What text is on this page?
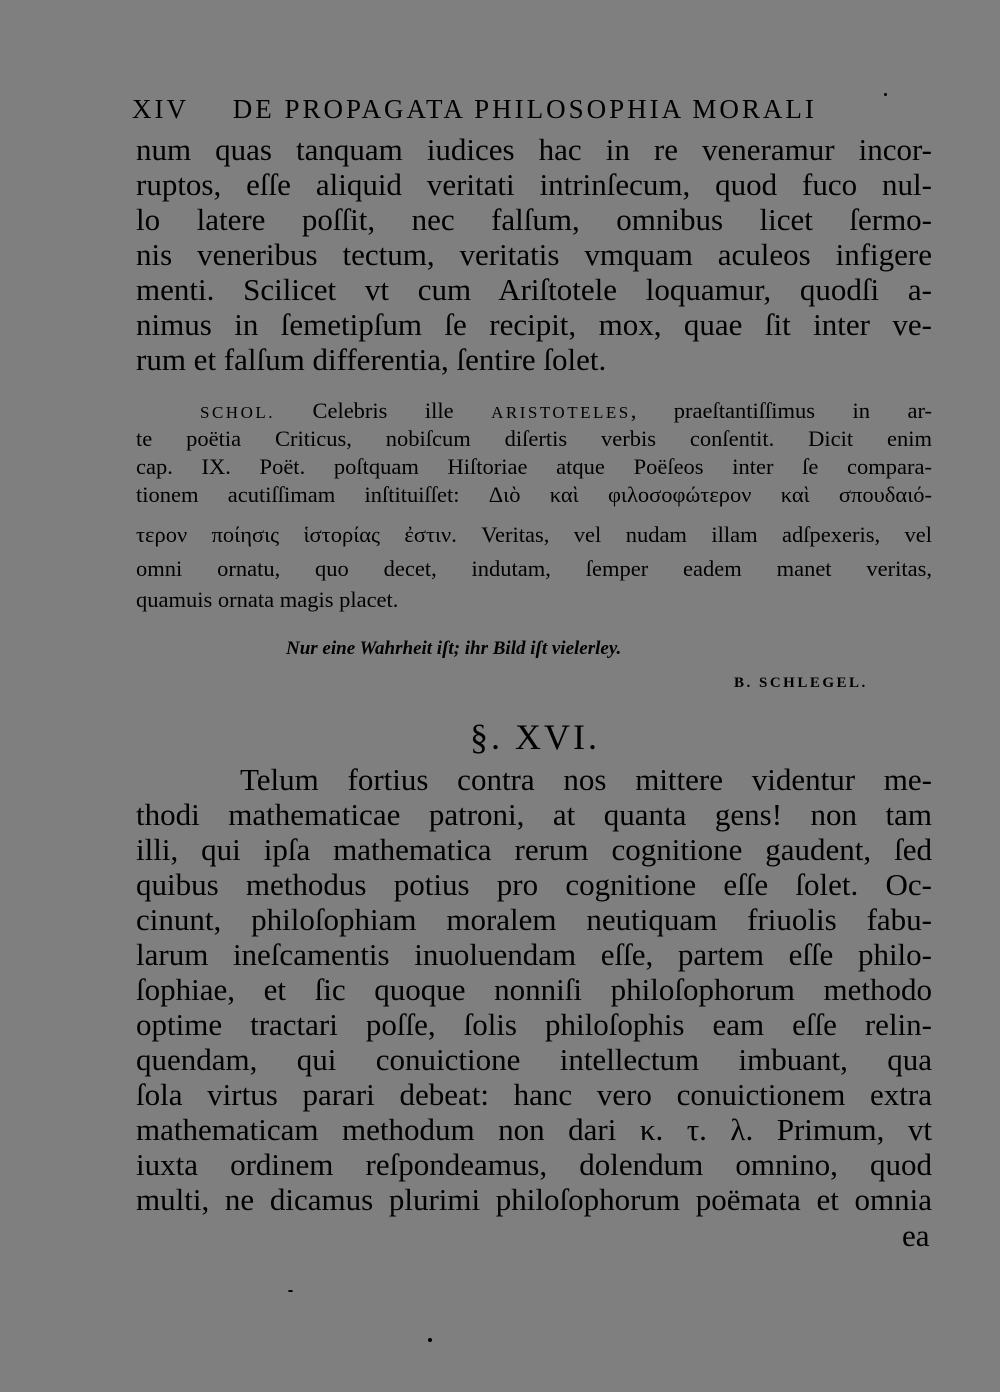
XIV DE PROPAGATA PHILOSOPHIA MORALI

num quas tanquam iudices hac in re veneramur incor-

ruptos, eſſe aliquid veritati intrinſecum, quod fuco nul-

lo latere poſſit, nec falſum, omnibus licet ſermo-

nis veneribus tectum, veritatis vmquam aculeos infigere

menti. Scilicet vt cum Ariſtotele loquamur, quodſi a-

nimus in ſemetipſum ſe recipit, mox, quae ſit inter ve-

rum et falſum differentia, ſentire ſolet.

SCHOL. Celebris ille ARISTOTELES, praeſtantiſſimus in ar-

te poëtia Criticus, nobiſcum diſertis verbis conſentit. Dicit enim

cap. IX. Poët. poſtquam Hiſtoriae atque Poëſeos inter ſe compara-

tionem acutiſſimam inſtituiſſet: Διὸ καὶ φιλοσοφώτερον καὶ σπουδαιό-

τερον ποίησις ἱστορίας ἐστιν. Veritas, vel nudam illam adſpexeris, vel

omni ornatu, quo decet, indutam, ſemper eadem manet veritas,

quamuis ornata magis placet.

Nur eine Wahrheit iſt; ihr Bild iſt vielerley.
B. SCHLEGEL.
§. XVI.

Telum fortius contra nos mittere videntur me-

thodi mathematicae patroni, at quanta gens! non tam

illi, qui ipſa mathematica rerum cognitione gaudent, ſed

quibus methodus potius pro cognitione eſſe ſolet. Oc-

cinunt, philoſophiam moralem neutiquam friuolis fabu-

larum ineſcamentis inuoluendam eſſe, partem eſſe philo-

ſophiae, et ſic quoque nonniſi philoſophorum methodo

optime tractari poſſe, ſolis philoſophis eam eſſe relin-

quendam, qui conuictione intellectum imbuant, qua

ſola virtus parari debeat: hanc vero conuictionem extra

mathematicam methodum non dari κ. τ. λ. Primum, vt

iuxta ordinem reſpondeamus, dolendum omnino, quod

multi, ne dicamus plurimi philoſophorum poëmata et omnia

ea
